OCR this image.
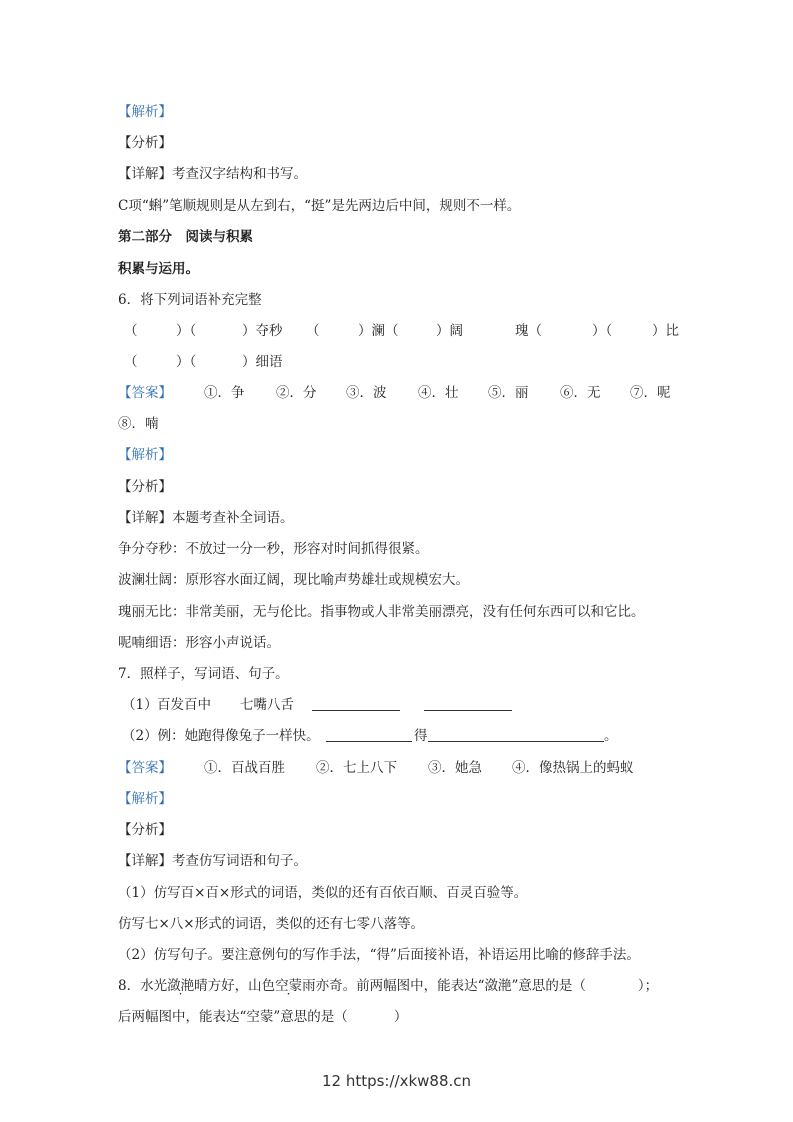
【解析】
【分析】
【详解】考查汉字结构和书写。
C项“蝌”笔顺规则是从左到右，“挺”是先两边后中间，规则不一样。
第二部分　阅读与积累
积累与运用。
6．将下列词语补充完整
（	）（	）夺秒 （	）澜（	）阔	瑰（	）（	）比
（	）（	）细语
【答案】 ①．争 ②．分 ③．波 ④．壮 ⑤．丽 ⑥．无 ⑦．呢
⑧．喃
【解析】
【分析】
【详解】本题考查补全词语。
争分夺秒：不放过一分一秒，形容对时间抓得很紧。
波澜壮阔：原形容水面辽阔，现比喻声势雄壮或规模宏大。
瑰丽无比：非常美丽，无与伦比。指事物或人非常美丽漂亮，没有任何东西可以和它比。
呢喃细语：形容小声说话。
7．照样子，写词语、句子。
（1） 百发百中 七嘴八舌
（2）例：她跑得像兔子一样快。	得	。
【答案】 ①．百战百胜 ②．七上八下 ③．她急 ④．像热锅上的蚂蚁
【解析】
【分析】
【详解】考查仿写词语和句子。
（1）仿写百×百×形式的词语，类似的还有百依百顺、百灵百验等。
仿写七×八×形式的词语，类似的还有七零八落等。
（2）仿写句子。要注意例句的写作手法，“得”后面接补语，补语运用比喻的修辞手法。
8．水光潋滟晴方好，山色空蒙雨亦奇。前两幅图中，能表达“潋滟”意思的是（	）；
后两幅图中，能表达“空蒙”意思的是（	）
12 https://xkw88.cn
